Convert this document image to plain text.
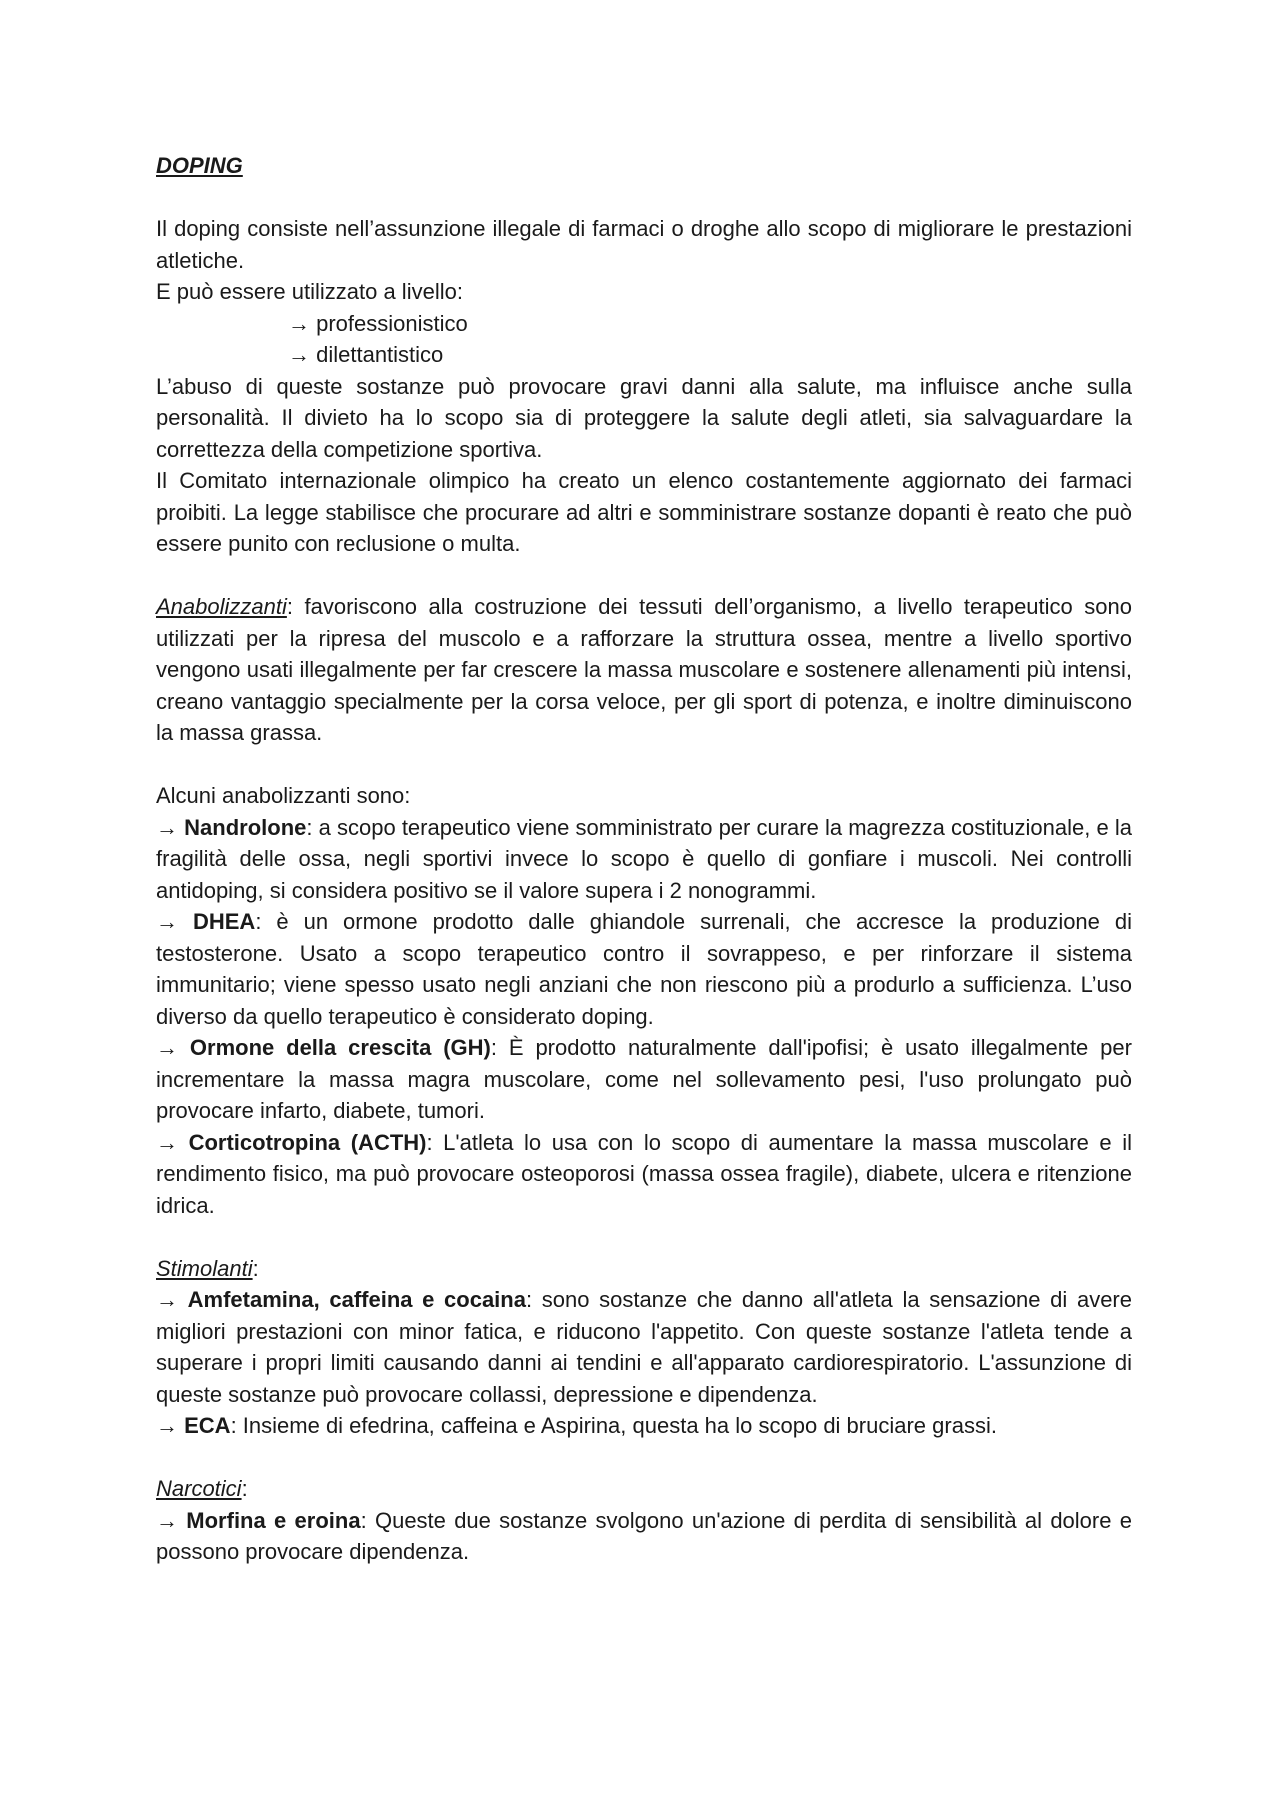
DOPING

Il doping consiste nell’assunzione illegale di farmaci o droghe allo scopo di migliorare le prestazioni atletiche.

E può essere utilizzato a livello:

→ professionistico

→ dilettantistico

L’abuso di queste sostanze può provocare gravi danni alla salute, ma influisce anche sulla personalità. Il divieto ha lo scopo sia di proteggere la salute degli atleti, sia salvaguardare la correttezza della competizione sportiva.

Il Comitato internazionale olimpico ha creato un elenco costantemente aggiornato dei farmaci proibiti. La legge stabilisce che procurare ad altri e somministrare sostanze dopanti è reato che può essere punito con reclusione o multa.

Anabolizzanti: favoriscono alla costruzione dei tessuti dell’organismo, a livello terapeutico sono utilizzati per la ripresa del muscolo e a rafforzare la struttura ossea, mentre a livello sportivo vengono usati illegalmente per far crescere la massa muscolare e sostenere allenamenti più intensi, creano vantaggio specialmente per la corsa veloce, per gli sport di potenza, e inoltre diminuiscono la massa grassa.

Alcuni anabolizzanti sono:

→ Nandrolone: a scopo terapeutico viene somministrato per curare la magrezza costituzionale, e la fragilità delle ossa, negli sportivi invece lo scopo è quello di gonfiare i muscoli. Nei controlli antidoping, si considera positivo se il valore supera i 2 nonogrammi.

→ DHEA: è un ormone prodotto dalle ghiandole surrenali, che accresce la produzione di testosterone. Usato a scopo terapeutico contro il sovrappeso, e per rinforzare il sistema immunitario; viene spesso usato negli anziani che non riescono più a produrlo a sufficienza. L’uso diverso da quello terapeutico è considerato doping.

→ Ormone della crescita (GH): È prodotto naturalmente dall'ipofisi; è usato illegalmente per incrementare la massa magra muscolare, come nel sollevamento pesi, l'uso prolungato può provocare infarto, diabete, tumori.

→ Corticotropina (ACTH): L'atleta lo usa con lo scopo di aumentare la massa muscolare e il rendimento fisico, ma può provocare osteoporosi (massa ossea fragile), diabete, ulcera e ritenzione idrica.

Stimolanti:

→ Amfetamina, caffeina e cocaina: sono sostanze che danno all'atleta la sensazione di avere migliori prestazioni con minor fatica, e riducono l'appetito. Con queste sostanze l'atleta tende a superare i propri limiti causando danni ai tendini e all'apparato cardiorespiratorio. L'assunzione di queste sostanze può provocare collassi, depressione e dipendenza.

→ ECA: Insieme di efedrina, caffeina e Aspirina, questa ha lo scopo di bruciare grassi.

Narcotici:

→ Morfina e eroina: Queste due sostanze svolgono un'azione di perdita di sensibilità al dolore e possono provocare dipendenza.
